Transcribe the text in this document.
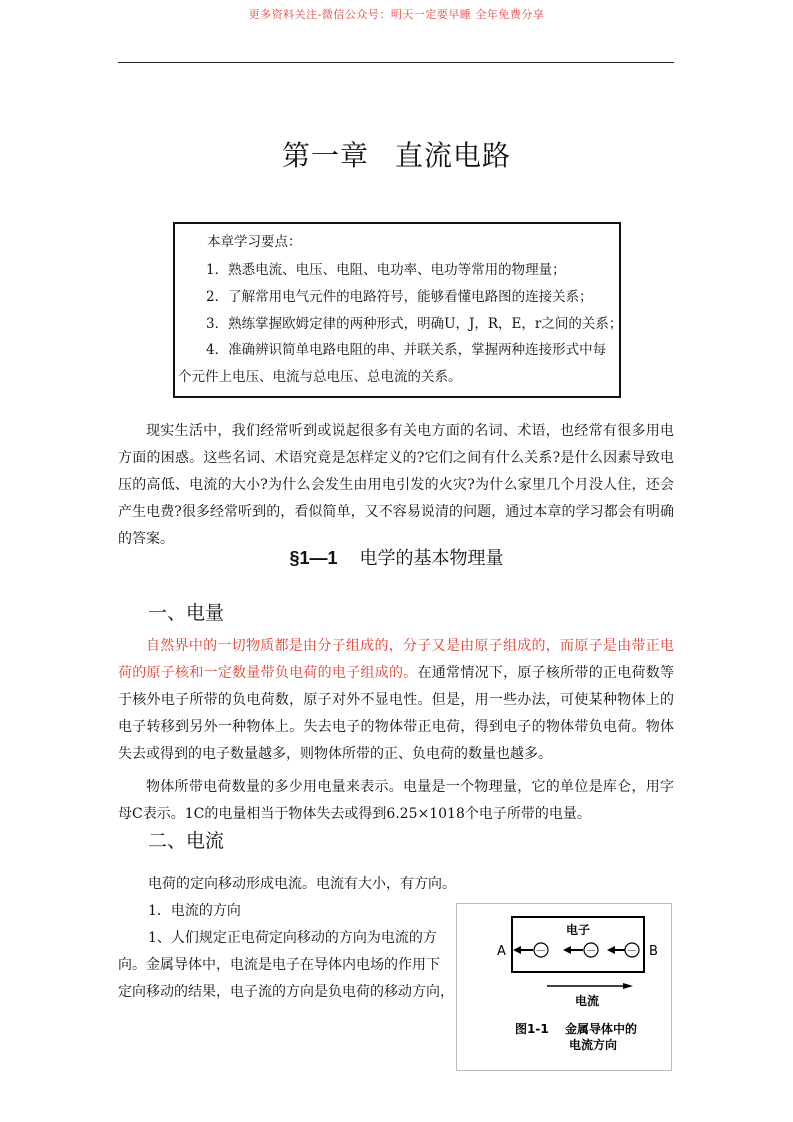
更多资料关注-微信公众号：明天一定要早睡 全年免费分享
第一章 直流电路
本章学习要点：
1．熟悉电流、电压、电阻、电功率、电功等常用的物理量；
2．了解常用电气元件的电路符号，能够看懂电路图的连接关系；
3．熟练掌握欧姆定律的两种形式，明确U，J，R，E，r之间的关系；
4．准确辨识简单电路电阻的串、并联关系，掌握两种连接形式中每
个元件上电压、电流与总电压、总电流的关系。

现实生活中，我们经常听到或说起很多有关电方面的名词、术语，也经常有很多用电方面的困惑。这些名词、术语究竟是怎样定义的?它们之间有什么关系?是什么因素导致电压的高低、电流的大小?为什么会发生由用电引发的火灾?为什么家里几个月没人住，还会产生电费?很多经常听到的，看似简单，又不容易说清的问题，通过本章的学习都会有明确的答案。

§1—1 电学的基本物理量
一、电量

自然界中的一切物质都是由分子组成的，分子又是由原子组成的，而原子是由带正电荷的原子核和一定数量带负电荷的电子组成的。在通常情况下，原子核所带的正电荷数等于核外电子所带的负电荷数，原子对外不显电性。但是，用一些办法，可使某种物体上的电子转移到另外一种物体上。失去电子的物体带正电荷，得到电子的物体带负电荷。物体失去或得到的电子数量越多，则物体所带的正、负电荷的数量也越多。

物体所带电荷数量的多少用电量来表示。电量是一个物理量，它的单位是库仑，用字母C表示。1C的电量相当于物体失去或得到6.25×1018个电子所带的电量。

二、电流
电荷的定向移动形成电流。电流有大小，有方向。
1．电流的方向
1、人们规定正电荷定向移动的方向为电流的方
向。金属导体中，电流是电子在导体内电场的作用下
定向移动的结果，电子流的方向是负电荷的移动方向，
A	B
电子
－	－	－
电流
图1-1 金属导体中的
电流方向
